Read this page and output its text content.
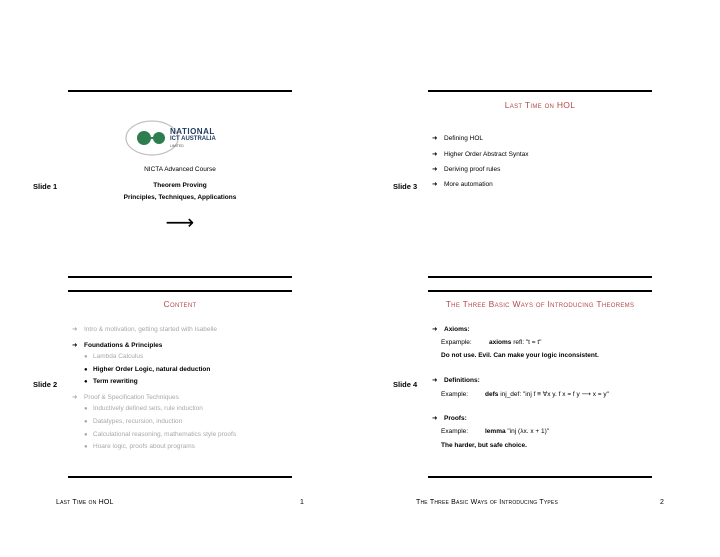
NATIONAL
ICT AUSTRALIA
LIMITED
NICTA Advanced Course
Slide 1	Theorem Proving
Principles, Techniques, Applications
⟶
Last Time on HOL
Slide 3
➜ Defining HOL
➜ Higher Order Abstract Syntax
➜ Deriving proof rules
➜ More automation
Content
Slide 2
➜ Intro & motivation, getting started with Isabelle
➜ Foundations & Principles
● Lambda Calculus
● Higher Order Logic, natural deduction
● Term rewriting
➜ Proof & Specification Techniques
● Inductively defined sets, rule induction
● Datatypes, recursion, induction
● Calculational reasoning, mathematics style proofs
● Hoare logic, proofs about programs
The Three Basic Ways of Introducing Theorems
Slide 4
➜ Axioms:
Expample:	axioms refl: "t = t"
Do not use. Evil. Can make your logic inconsistent.
➜ Definitions:
Example:	defs inj_def: "inj f ≡ ∀x y. f x = f y ⟶ x = y"
➜ Proofs:
Example:	lemma "inj (λx. x + 1)"
The harder, but safe choice.
Last Time on HOL	1	The Three Basic Ways of Introducing Types	2
